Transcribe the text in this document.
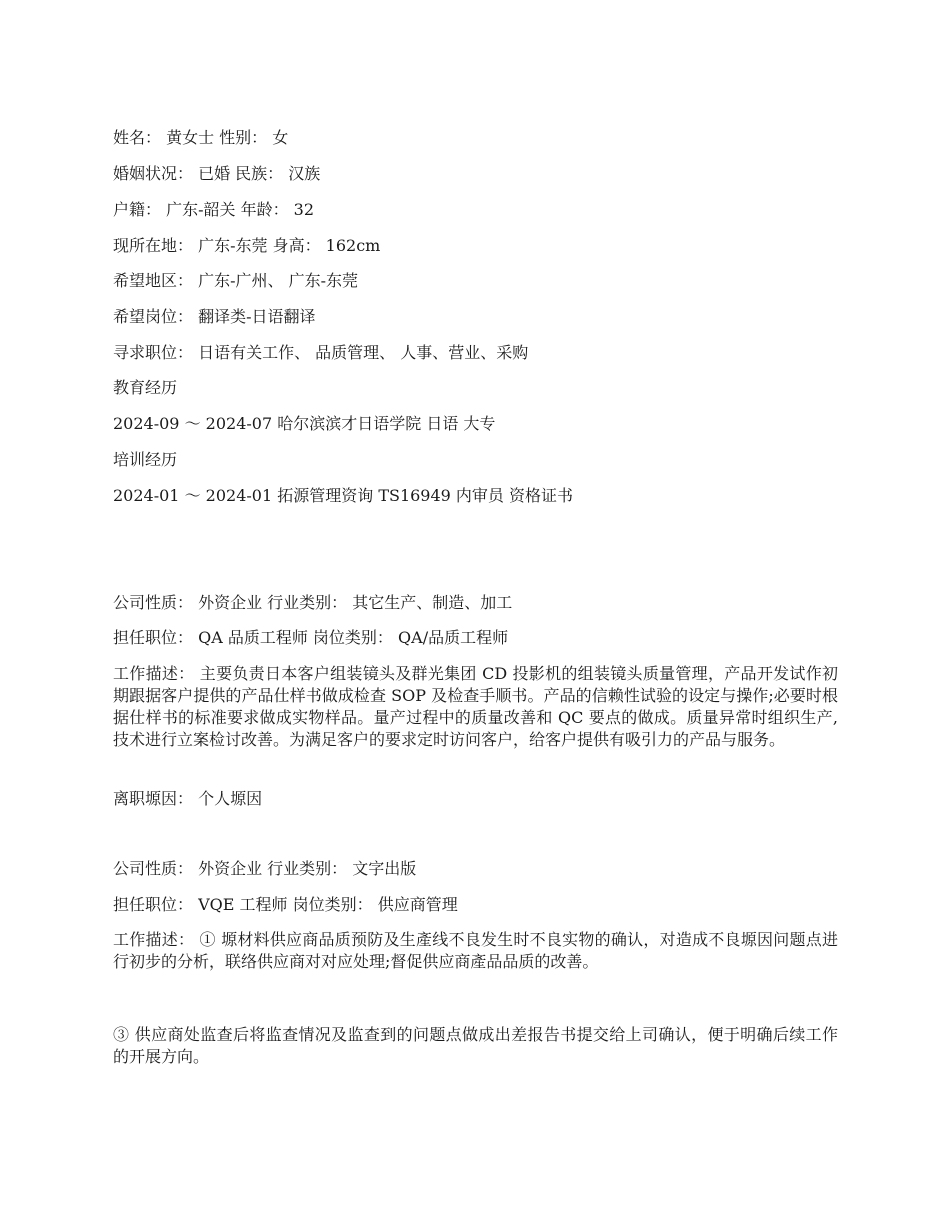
姓名： 黄女士 性别： 女
婚姻状况： 已婚 民族： 汉族
户籍： 广东-韶关 年龄： 32
现所在地： 广东-东莞 身高： 162cm
希望地区： 广东-广州、 广东-东莞
希望岗位： 翻译类-日语翻译
寻求职位： 日语有关工作、 品质管理、 人事、营业、采购
教育经历
2024-09 ～ 2024-07 哈尔滨滨才日语学院 日语 大专
培训经历
2024-01 ～ 2024-01 拓源管理资询 TS16949 内审员 资格证书
公司性质： 外资企业 行业类别： 其它生产、制造、加工
担任职位： QA 品质工程师 岗位类别： QA/品质工程师
工作描述： 主要负责日本客户组装镜头及群光集团 CD 投影机的组装镜头质量管理，产品开发试作初期跟据客户提供的产品仕样书做成检查 SOP 及检查手顺书。产品的信赖性试验的设定与操作;必要时根据仕样书的标准要求做成实物样品。量产过程中的质量改善和 QC 要点的做成。质量异常时组织生产,技术进行立案检讨改善。为满足客户的要求定时访问客户，给客户提供有吸引力的产品与服务。
离职塬因： 个人塬因
公司性质： 外资企业 行业类别： 文字出版
担任职位： VQE 工程师 岗位类别： 供应商管理
工作描述： ① 塬材料供应商品质预防及生產线不良发生时不良实物的确认，对造成不良塬因问题点进行初步的分析，联络供应商对对应处理;督促供应商產品品质的改善。
③ 供应商处监查后将监查情况及监查到的问题点做成出差报告书提交给上司确认，便于明确后续工作的开展方向。
